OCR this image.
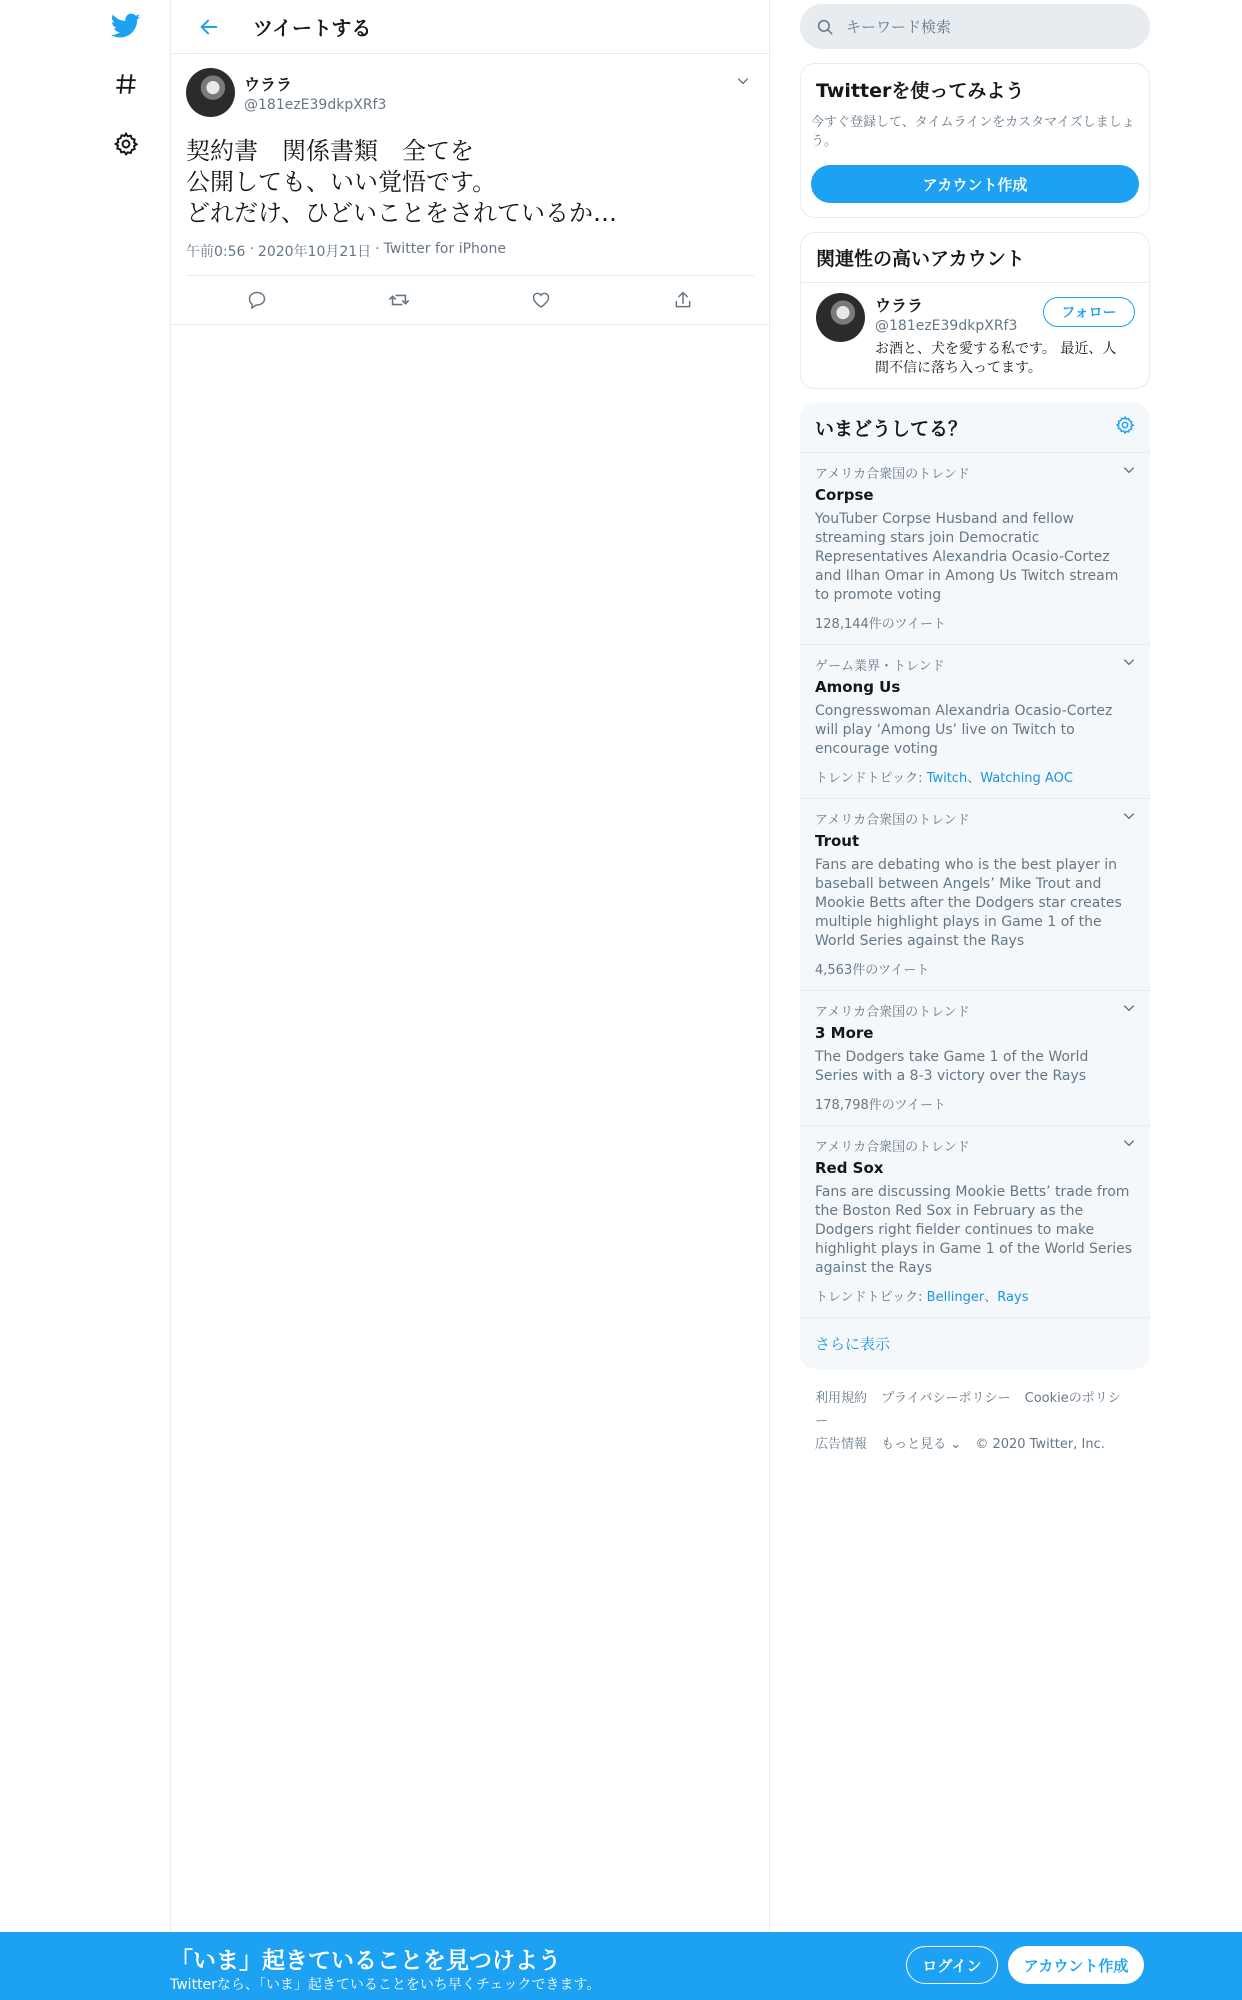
ツイートする
ウララ
@181ezE39dkpXRf3
契約書　関係書類　全てを
公開しても、いい覚悟です。
どれだけ、ひどいことをされているか…
午前0:56 · 2020年10月21日 · Twitter for iPhone
キーワード検索
Twitterを使ってみよう
今すぐ登録して、タイムラインをカスタマイズしましょう。
アカウント作成
関連性の高いアカウント
ウララ
@181ezE39dkpXRf3
お酒と、犬を愛する私です。 最近、人間不信に落ち入ってます。
フォロー
いまどうしてる？
アメリカ合衆国のトレンド
Corpse
YouTuber Corpse Husband and fellow streaming stars join Democratic Representatives Alexandria Ocasio-Cortez and Ilhan Omar in Among Us Twitch stream to promote voting
128,144件のツイート
ゲーム業界・トレンド
Among Us
Congresswoman Alexandria Ocasio-Cortez will play ‘Among Us’ live on Twitch to encourage voting
トレンドトピック: Twitch、Watching AOC
アメリカ合衆国のトレンド
Trout
Fans are debating who is the best player in baseball between Angels’ Mike Trout and Mookie Betts after the Dodgers star creates multiple highlight plays in Game 1 of the World Series against the Rays
4,563件のツイート
アメリカ合衆国のトレンド
3 More
The Dodgers take Game 1 of the World Series with a 8-3 victory over the Rays
178,798件のツイート
アメリカ合衆国のトレンド
Red Sox
Fans are discussing Mookie Betts’ trade from the Boston Red Sox in February as the Dodgers right fielder continues to make highlight plays in Game 1 of the World Series against the Rays
トレンドトピック: Bellinger、Rays
さらに表示
利用規約 プライバシーポリシー Cookieのポリシー
広告情報 もっと見る ⌄ © 2020 Twitter, Inc.
「いま」起きていることを見つけよう
Twitterなら、「いま」起きていることをいち早くチェックできます。
ログイン	アカウント作成
